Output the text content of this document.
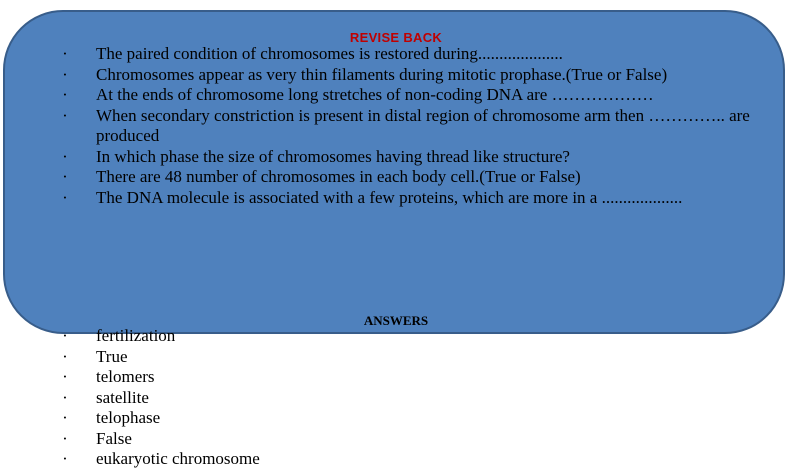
REVISE BACK
· The paired condition of chromosomes is restored during....................
· Chromosomes appear as very thin filaments during mitotic prophase.(True or False)
· At the ends of chromosome long stretches of non-coding DNA are ………………
· When secondary constriction is present in distal region of chromosome arm then ………….. are produced
· In which phase the size of chromosomes having thread like structure?
· There are 48 number of chromosomes in each body cell.(True or False)
· The DNA molecule is associated with a few proteins, which are more in a ...................
ANSWERS
· fertilization
· True
· telomers
· satellite
· telophase
· False
· eukaryotic chromosome
